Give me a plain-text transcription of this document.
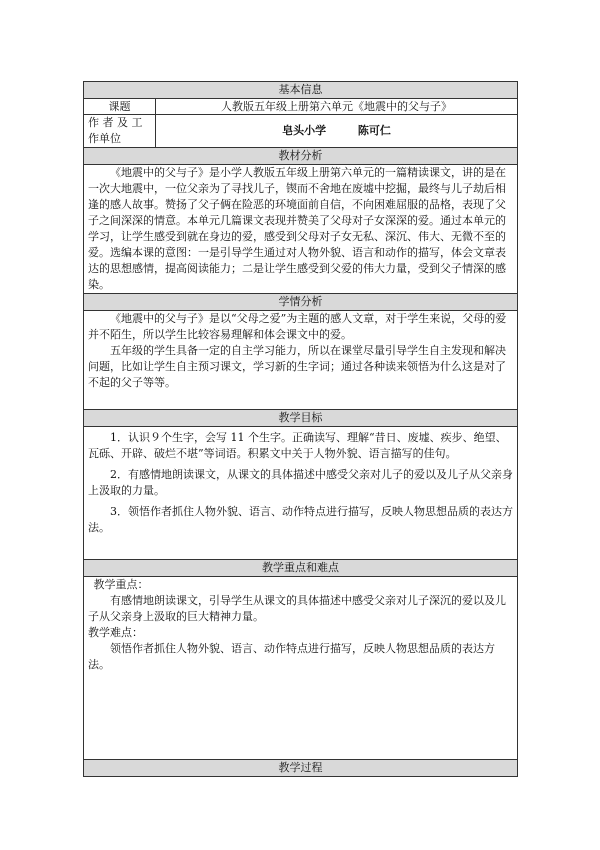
基本信息	
课题	人教版五年级上册第六单元《地震中的父与子》
作 者 及 工 作单位	皂头小学 陈可仁
教材分析	

《地震中的父与子》是小学人教版五年级上册第六单元的一篇精读课文，讲的是在一次大地震中，一位父亲为了寻找儿子，锲而不舍地在废墟中挖掘，最终与儿子劫后相逢的感人故事。赞扬了父子俩在险恶的环境面前自信，不向困难屈服的品格，表现了父子之间深深的情意。本单元几篇课文表现并赞美了父母对子女深深的爱。通过本单元的学习，让学生感受到就在身边的爱，感受到父母对子女无私、深沉、伟大、无微不至的爱。选编本课的意图：一是引导学生通过对人物外貌、语言和动作的描写，体会文章表达的思想感情，提高阅读能力；二是让学生感受到父爱的伟大力量，受到父子情深的感染。	

学情分析	

《地震中的父与子》是以“父母之爱”为主题的感人文章，对于学生来说，父母的爱并不陌生，所以学生比较容易理解和体会课文中的爱。

五年级的学生具备一定的自主学习能力，所以在课堂尽量引导学生自主发现和解决问题，比如让学生自主预习课文，学习新的生字词；通过各种读来领悟为什么这是对了不起的父子等等。	

教学目标	

1．认识９个生字，会写 11 个生字。正确读写、理解“昔日、废墟、疾步、绝望、瓦砾、开辟、破烂不堪”等词语。积累文中关于人物外貌、语言描写的佳句。

2．有感情地朗读课文，从课文的具体描述中感受父亲对儿子的爱以及儿子从父亲身上汲取的力量。

3．领悟作者抓住人物外貌、语言、动作特点进行描写，反映人物思想品质的表达方法。	

教学重点和难点	

教学重点：

有感情地朗读课文，引导学生从课文的具体描述中感受父亲对儿子深沉的爱以及儿子从父亲身上汲取的巨大精神力量。

教学难点：

领悟作者抓住人物外貌、语言、动作特点进行描写，反映人物思想品质的表达方法。	

教学过程	
